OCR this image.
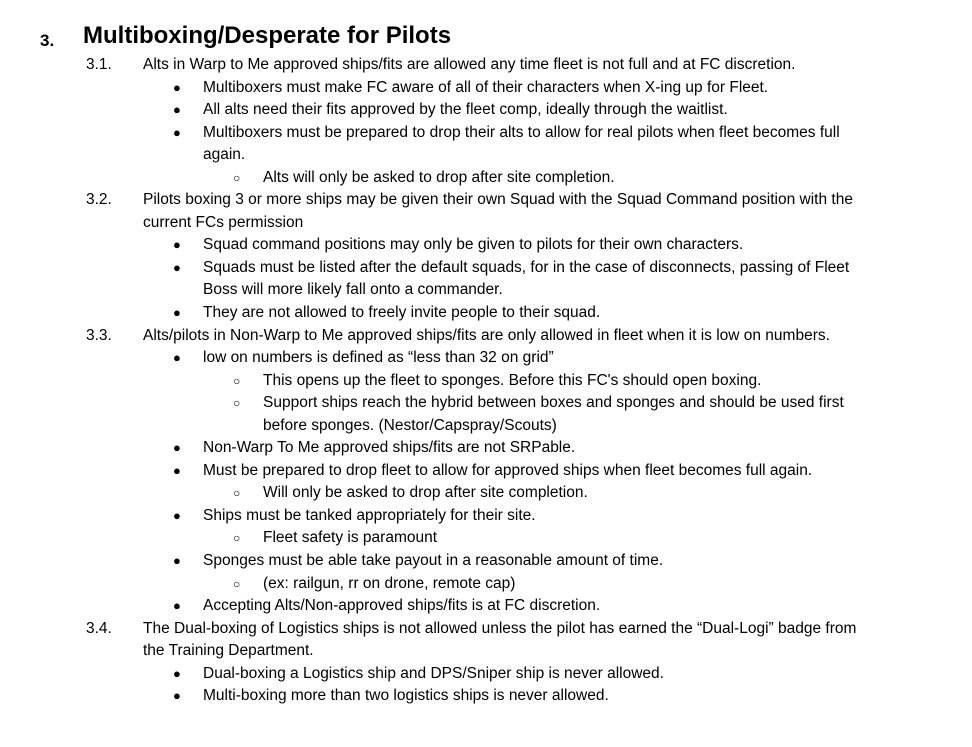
3. Multiboxing/Desperate for Pilots
3.1. Alts in Warp to Me approved ships/fits are allowed any time fleet is not full and at FC discretion.
● Multiboxers must make FC aware of all of their characters when X-ing up for Fleet.
● All alts need their fits approved by the fleet comp, ideally through the waitlist.
● Multiboxers must be prepared to drop their alts to allow for real pilots when fleet becomes full
again.
○ Alts will only be asked to drop after site completion.
3.2. Pilots boxing 3 or more ships may be given their own Squad with the Squad Command position with the
current FCs permission
● Squad command positions may only be given to pilots for their own characters.
● Squads must be listed after the default squads, for in the case of disconnects, passing of Fleet
Boss will more likely fall onto a commander.
● They are not allowed to freely invite people to their squad.
3.3. Alts/pilots in Non-Warp to Me approved ships/fits are only allowed in fleet when it is low on numbers.
● low on numbers is defined as “less than 32 on grid”
○ This opens up the fleet to sponges. Before this FC's should open boxing.
○ Support ships reach the hybrid between boxes and sponges and should be used first
before sponges. (Nestor/Capspray/Scouts)
● Non-Warp To Me approved ships/fits are not SRPable.
● Must be prepared to drop fleet to allow for approved ships when fleet becomes full again.
○ Will only be asked to drop after site completion.
● Ships must be tanked appropriately for their site.
○ Fleet safety is paramount
● Sponges must be able take payout in a reasonable amount of time.
○ (ex: railgun, rr on drone, remote cap)
● Accepting Alts/Non-approved ships/fits is at FC discretion.
3.4. The Dual-boxing of Logistics ships is not allowed unless the pilot has earned the “Dual-Logi” badge from
the Training Department.
● Dual-boxing a Logistics ship and DPS/Sniper ship is never allowed.
● Multi-boxing more than two logistics ships is never allowed.
